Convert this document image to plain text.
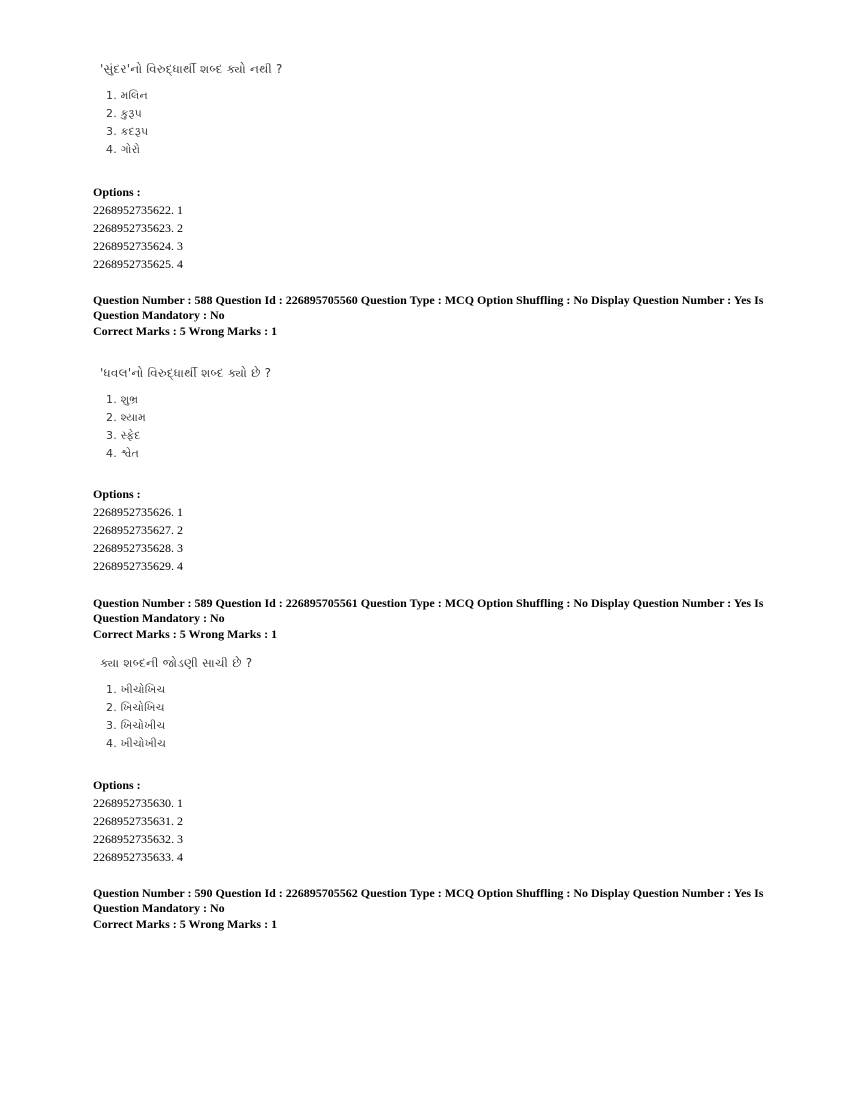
'સુંદર'નો વિરુદ્ધાર્થી શબ્દ ક્યો નથી ?
1. મલિન
2. કુરૂપ
3. કદરૂપ
4. ગોરો
Options :
2268952735622. 1
2268952735623. 2
2268952735624. 3
2268952735625. 4
Question Number : 588 Question Id : 226895705560 Question Type : MCQ Option Shuffling : No Display Question Number : Yes Is Question Mandatory : No
Correct Marks : 5 Wrong Marks : 1
'ધવલ'નો વિરુદ્ધાર્થી શબ્દ ક્યો છે ?
1. શુભ્ર
2. શ્યામ
3. સ્ફેદ
4. શ્વેત
Options :
2268952735626. 1
2268952735627. 2
2268952735628. 3
2268952735629. 4
Question Number : 589 Question Id : 226895705561 Question Type : MCQ Option Shuffling : No Display Question Number : Yes Is Question Mandatory : No
Correct Marks : 5 Wrong Marks : 1
ક્યા શબ્દની જોડણી સાચી છે ?
1. ખીચોખિચ
2. ખિચોખિચ
3. ખિચોખીચ
4. ખીચોખીચ
Options :
2268952735630. 1
2268952735631. 2
2268952735632. 3
2268952735633. 4
Question Number : 590 Question Id : 226895705562 Question Type : MCQ Option Shuffling : No Display Question Number : Yes Is Question Mandatory : No
Correct Marks : 5 Wrong Marks : 1
